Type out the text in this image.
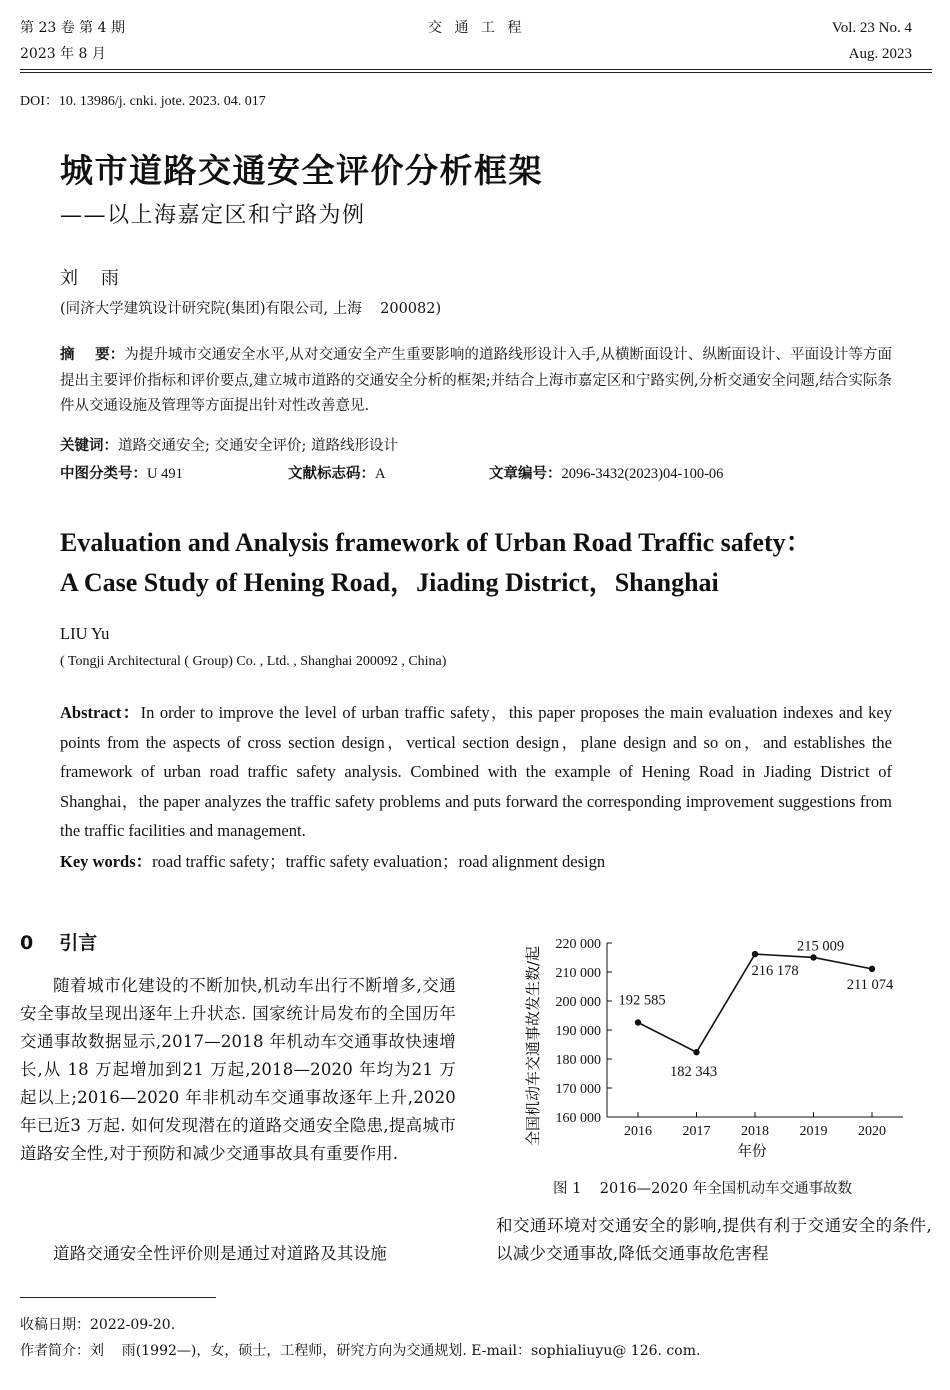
第 23 卷 第 4 期
2023 年 8 月
交 通 工 程	Vol. 23 No. 4
Aug. 2023
DOI：10. 13986/j. cnki. jote. 2023. 04. 017
城市道路交通安全评价分析框架
——以上海嘉定区和宁路为例
刘    雨
(同济大学建筑设计研究院(集团)有限公司, 上海    200082)
摘    要：为提升城市交通安全水平,从对交通安全产生重要影响的道路线形设计入手,从横断面设计、纵断面设计、平面设计等方面提出主要评价指标和评价要点,建立城市道路的交通安全分析的框架;并结合上海市嘉定区和宁路实例,分析交通安全问题,结合实际条件从交通设施及管理等方面提出针对性改善意见.
关键词：道路交通安全; 交通安全评价; 道路线形设计
中图分类号：U 491	文献标志码：A	文章编号：2096-3432(2023)04-100-06
Evaluation and Analysis framework of Urban Road Traffic safety：
A Case Study of Hening Road，Jiading District，Shanghai
LIU Yu
( Tongji Architectural ( Group) Co. , Ltd. , Shanghai 200092 , China)
Abstract：In order to improve the level of urban traffic safety，this paper proposes the main evaluation indexes and key points from the aspects of cross section design，vertical section design，plane design and so on，and establishes the framework of urban road traffic safety analysis. Combined with the example of Hening Road in Jiading District of Shanghai，the paper analyzes the traffic safety problems and puts forward the corresponding improvement suggestions from the traffic facilities and management.
Key words：road traffic safety；traffic safety evaluation；road alignment design
0 引言
随着城市化建设的不断加快,机动车出行不断增多,交通安全事故呈现出逐年上升状态. 国家统计局发布的全国历年交通事故数据显示,2017—2018 年机动车交通事故快速增长,从 18 万起增加到21 万起,2018—2020 年均为21 万起以上;2016—2020 年非机动车交通事故逐年上升,2020 年已近3 万起. 如何发现潜在的道路交通安全隐患,提高城市道路安全性,对于预防和减少交通事故具有重要作用.
道路交通安全性评价则是通过对道路及其设施
全国机动车交通事故发生数/起 160 000
170 000
180 000
190 000
200 000
210 000
220 000
2016 2017 2018 2019 2020
192 585
182 343
216 178
215 009
211 074
年份
图 1    2016—2020 年全国机动车交通事故数
和交通环境对交通安全的影响,提供有利于交通安全的条件,以减少交通事故,降低交通事故危害程
收稿日期：2022-09-20.
作者简介：刘    雨(1992—)，女，硕士，工程师，研究方向为交通规划. E-mail：sophialiuyu@ 126. com.
